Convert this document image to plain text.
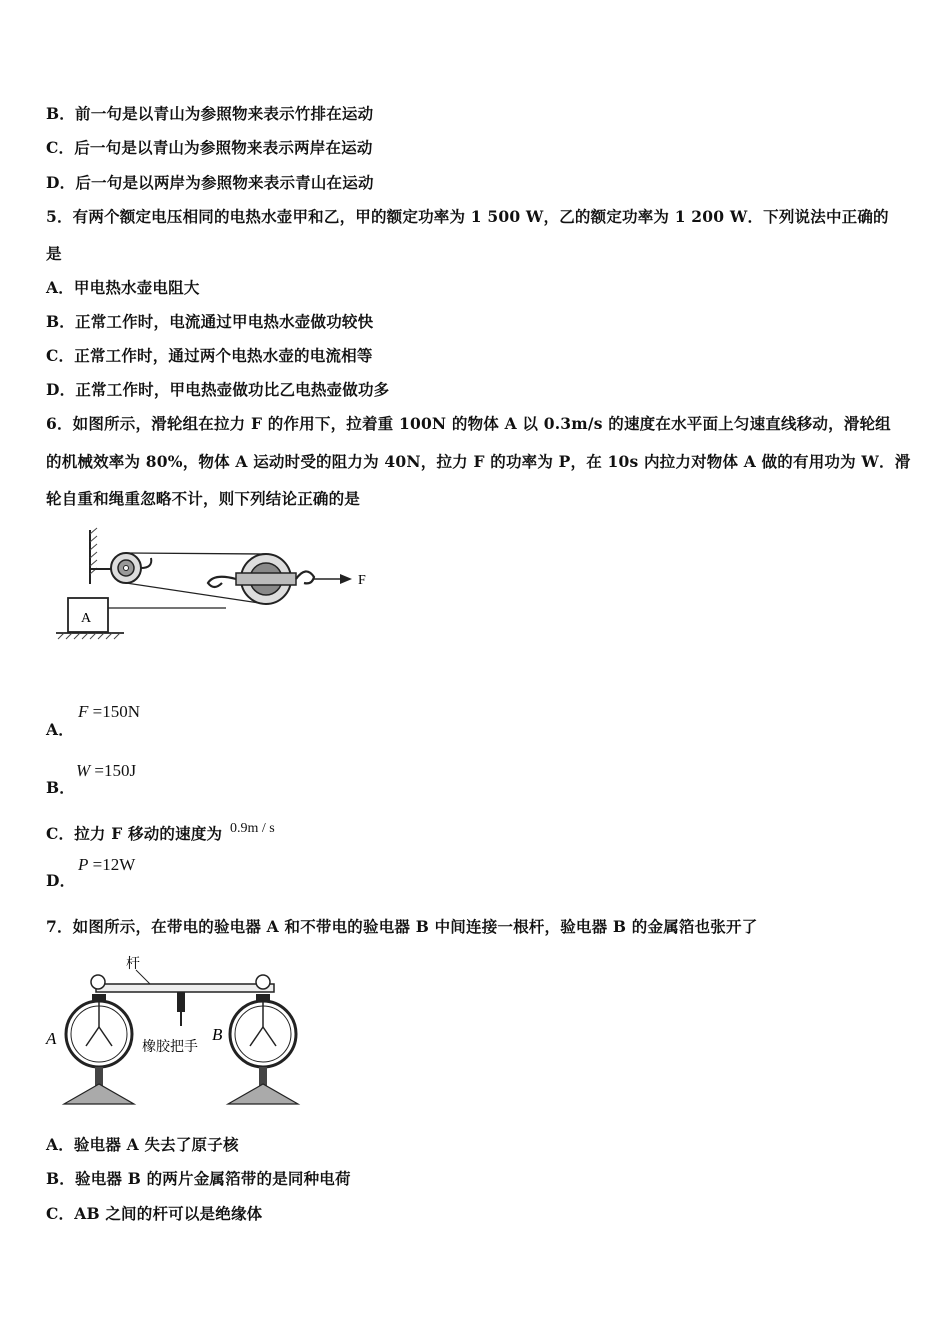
B．前一句是以青山为参照物来表示竹排在运动
C．后一句是以青山为参照物来表示两岸在运动
D．后一句是以两岸为参照物来表示青山在运动
5．有两个额定电压相同的电热水壶甲和乙，甲的额定功率为 1 500 W，乙的额定功率为 1 200 W．下列说法中正确的
是
A．甲电热水壶电阻大
B．正常工作时，电流通过甲电热水壶做功较快
C．正常工作时，通过两个电热水壶的电流相等
D．正常工作时，甲电热壶做功比乙电热壶做功多
6．如图所示，滑轮组在拉力 F 的作用下，拉着重 100N 的物体 A 以 0.3m/s 的速度在水平面上匀速直线移动，滑轮组
的机械效率为 80%，物体 A 运动时受的阻力为 40N，拉力 F 的功率为 P，在 10s 内拉力对物体 A 做的有用功为 W．滑
轮自重和绳重忽略不计，则下列结论正确的是
F
A
A．
F =150N
B．
W =150J
C．拉力 F 移动的速度为 0.9m / s
D．
P =12W
7．如图所示，在带电的验电器 A 和不带电的验电器 B 中间连接一根杆，验电器 B 的金属箔也张开了
杆
橡胶把手
A	B
A．验电器 A 失去了原子核
B．验电器 B 的两片金属箔带的是同种电荷
C．AB 之间的杆可以是绝缘体
